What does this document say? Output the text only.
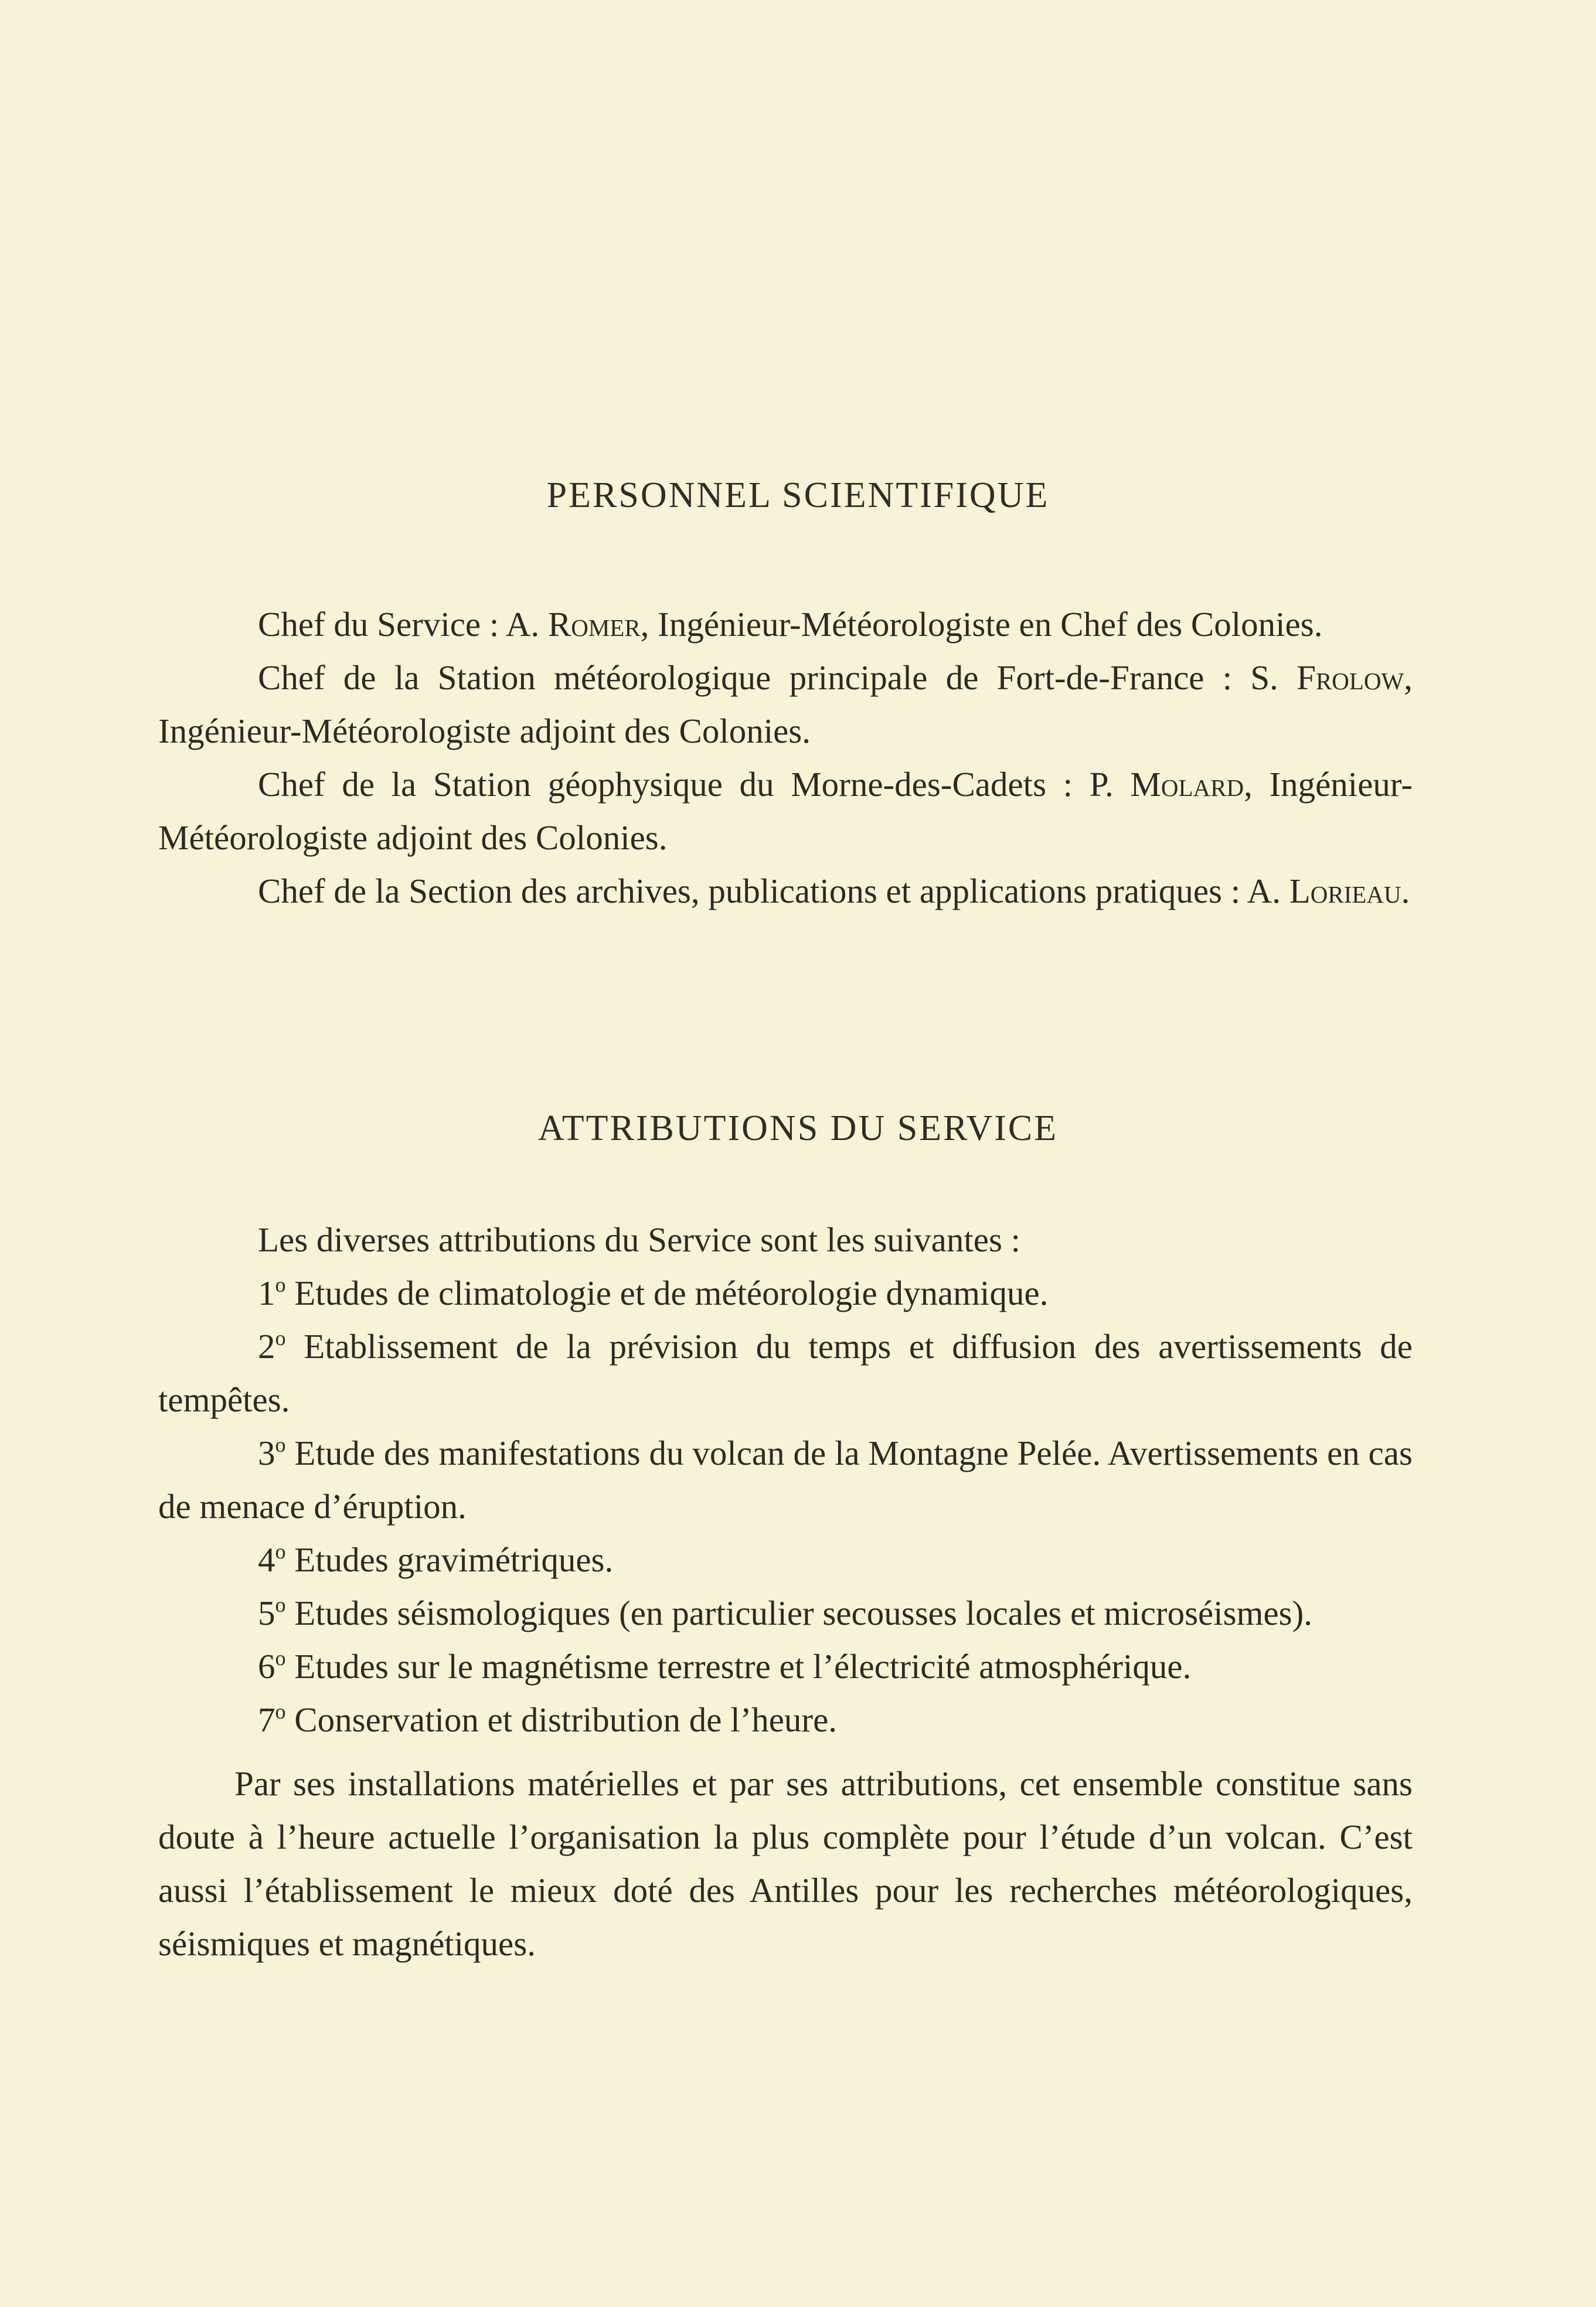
PERSONNEL SCIENTIFIQUE

Chef du Service : A. Romer, Ingénieur-Météorologiste en Chef des Colonies.

Chef de la Station météorologique principale de Fort-de-France : S. Frolow, Ingénieur-Météorologiste adjoint des Colonies.

Chef de la Station géophysique du Morne-des-Cadets : P. Molard, Ingénieur-Météorologiste adjoint des Colonies.

Chef de la Section des archives, publications et applications pratiques : A. Lorieau.

ATTRIBUTIONS DU SERVICE

Les diverses attributions du Service sont les suivantes :

1$^o$ Etudes de climatologie et de météorologie dynamique.

2$^o$ Etablissement de la prévision du temps et diffusion des avertissements de tempêtes.

3$^o$ Etude des manifestations du volcan de la Montagne Pelée. Avertissements en cas de menace d’éruption.

4$^o$ Etudes gravimétriques.

5$^o$ Etudes séismologiques (en particulier secousses locales et microséismes).

6$^o$ Etudes sur le magnétisme terrestre et l’électricité atmosphérique.

7$^o$ Conservation et distribution de l’heure.

Par ses installations matérielles et par ses attributions, cet ensemble constitue sans doute à l’heure actuelle l’organisation la plus complète pour l’étude d’un volcan. C’est aussi l’établissement le mieux doté des Antilles pour les recherches météorologiques, séismiques et magnétiques.
